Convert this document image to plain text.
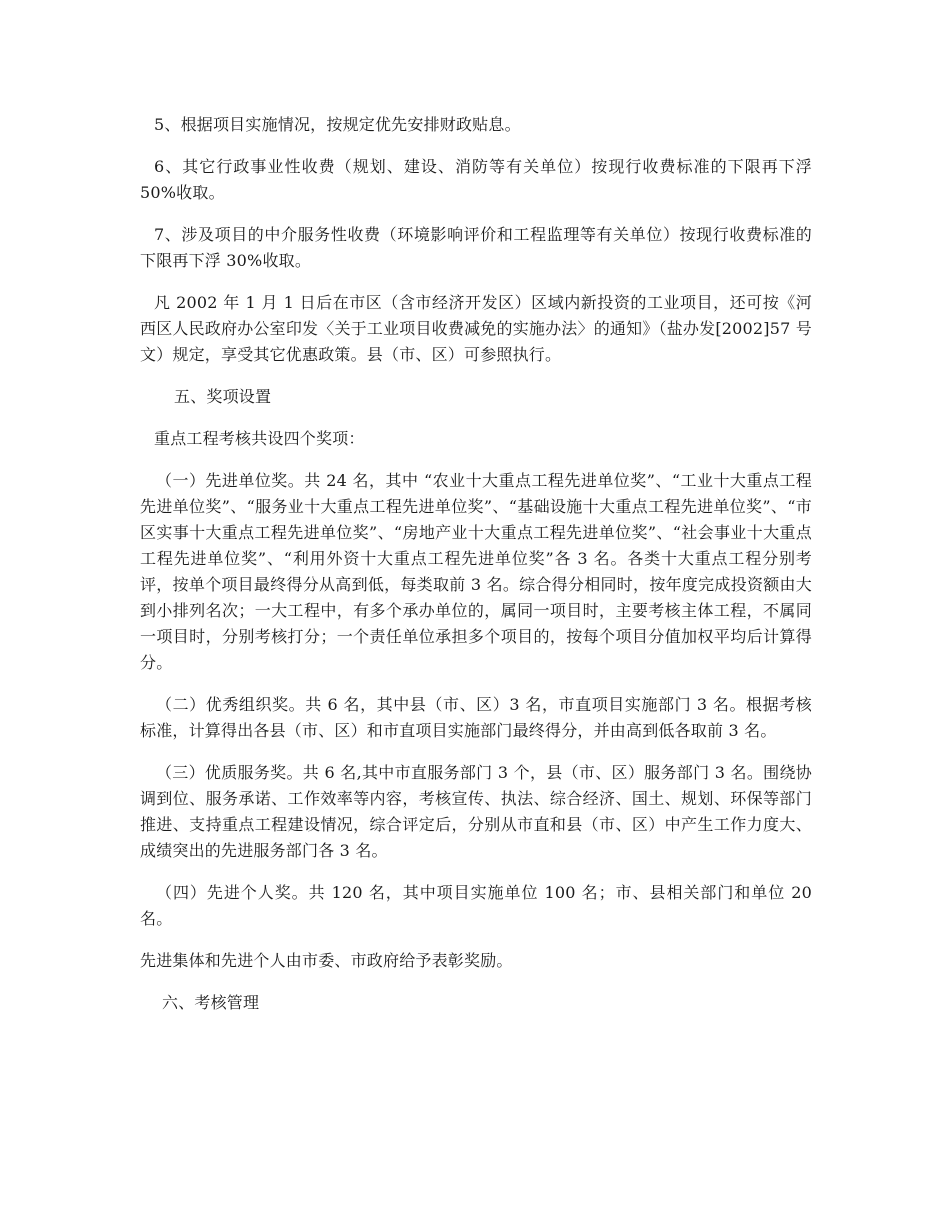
5、根据项目实施情况，按规定优先安排财政贴息。

6、其它行政事业性收费（规划、建设、消防等有关单位）按现行收费标准的下限再下浮 50%收取。

7、涉及项目的中介服务性收费（环境影响评价和工程监理等有关单位）按现行收费标准的下限再下浮 30%收取。

凡 2002 年 1 月 1 日后在市区（含市经济开发区）区域内新投资的工业项目，还可按《河西区人民政府办公室印发〈关于工业项目收费减免的实施办法〉的通知》（盐办发[2002]57 号文）规定，享受其它优惠政策。县（市、区）可参照执行。

五、奖项设置

重点工程考核共设四个奖项：

（一）先进单位奖。共 24 名，其中 “农业十大重点工程先进单位奖”、“工业十大重点工程先进单位奖”、“服务业十大重点工程先进单位奖”、“基础设施十大重点工程先进单位奖”、“市区实事十大重点工程先进单位奖”、“房地产业十大重点工程先进单位奖”、“社会事业十大重点工程先进单位奖”、“利用外资十大重点工程先进单位奖”各 3 名。各类十大重点工程分别考评，按单个项目最终得分从高到低，每类取前 3 名。综合得分相同时，按年度完成投资额由大到小排列名次；一大工程中，有多个承办单位的，属同一项目时，主要考核主体工程，不属同一项目时，分别考核打分；一个责任单位承担多个项目的，按每个项目分值加权平均后计算得分。

（二）优秀组织奖。共 6 名，其中县（市、区）3 名，市直项目实施部门 3 名。根据考核标准，计算得出各县（市、区）和市直项目实施部门最终得分，并由高到低各取前 3 名。

（三）优质服务奖。共 6 名,其中市直服务部门 3 个，县（市、区）服务部门 3 名。围绕协调到位、服务承诺、工作效率等内容，考核宣传、执法、综合经济、国土、规划、环保等部门推进、支持重点工程建设情况，综合评定后，分别从市直和县（市、区）中产生工作力度大、成绩突出的先进服务部门各 3 名。

（四）先进个人奖。共 120 名，其中项目实施单位 100 名；市、县相关部门和单位 20 名。

先进集体和先进个人由市委、市政府给予表彰奖励。

六、考核管理
